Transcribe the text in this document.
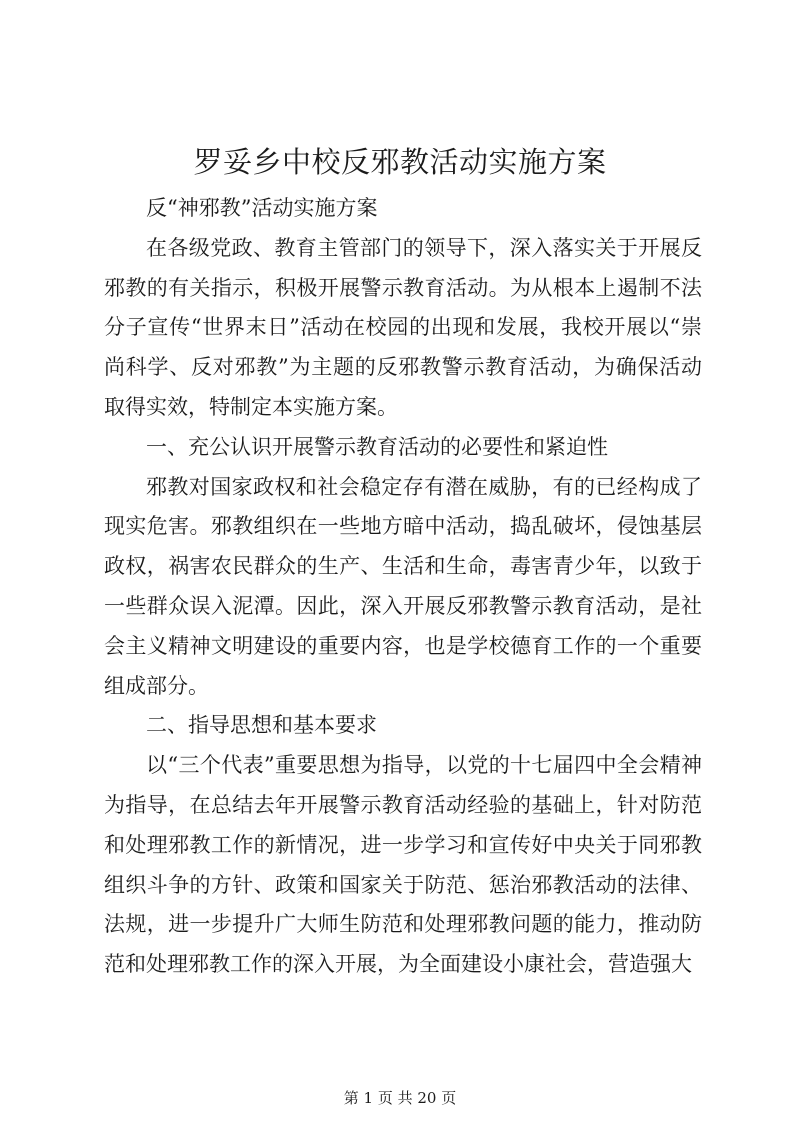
罗妥乡中校反邪教活动实施方案

反“神邪教”活动实施方案

在各级党政、教育主管部门的领导下，深入落实关于开展反邪教的有关指示，积极开展警示教育活动。为从根本上遏制不法分子宣传“世界末日”活动在校园的出现和发展，我校开展以“崇尚科学、反对邪教”为主题的反邪教警示教育活动，为确保活动取得实效，特制定本实施方案。

一、充公认识开展警示教育活动的必要性和紧迫性

邪教对国家政权和社会稳定存有潜在威胁，有的已经构成了现实危害。邪教组织在一些地方暗中活动，捣乱破坏，侵蚀基层政权，祸害农民群众的生产、生活和生命，毒害青少年，以致于一些群众误入泥潭。因此，深入开展反邪教警示教育活动，是社会主义精神文明建设的重要内容，也是学校德育工作的一个重要组成部分。

二、指导思想和基本要求

以“三个代表”重要思想为指导，以党的十七届四中全会精神为指导，在总结去年开展警示教育活动经验的基础上，针对防范和处理邪教工作的新情况，进一步学习和宣传好中央关于同邪教组织斗争的方针、政策和国家关于防范、惩治邪教活动的法律、法规，进一步提升广大师生防范和处理邪教问题的能力，推动防范和处理邪教工作的深入开展，为全面建设小康社会，营造强大

第 1 页 共 20 页
